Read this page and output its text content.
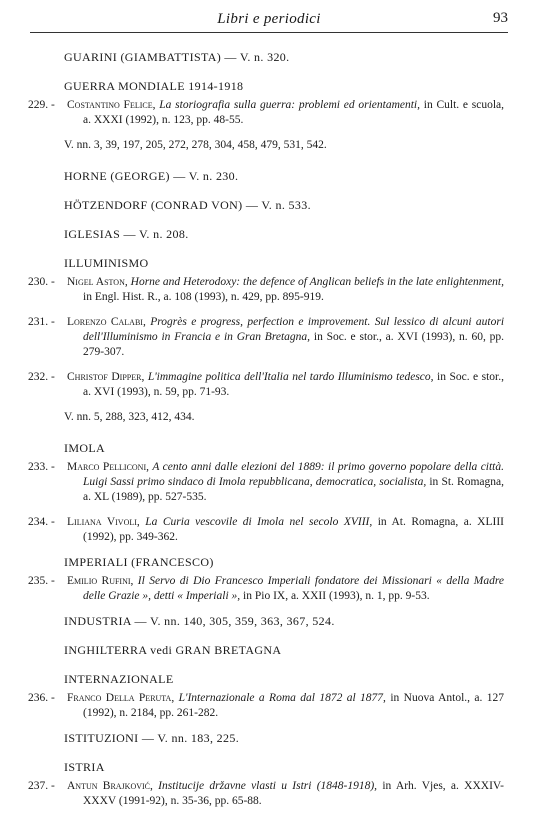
Libri e periodici	93
GUARINI (GIAMBATTISTA) — V. n. 320.
GUERRA MONDIALE 1914-1918
229. - Costantino Felice, La storiografia sulla guerra: problemi ed orientamenti, in Cult. e scuola, a. XXXI (1992), n. 123, pp. 48-55.
V. nn. 3, 39, 197, 205, 272, 278, 304, 458, 479, 531, 542.
HORNE (GEORGE) — V. n. 230.
HÖTZENDORF (CONRAD VON) — V. n. 533.
IGLESIAS — V. n. 208.
ILLUMINISMO
230. - Nigel Aston, Horne and Heterodoxy: the defence of Anglican beliefs in the late enlightenment, in Engl. Hist. R., a. 108 (1993), n. 429, pp. 895-919.
231. - Lorenzo Calabi, Progrès e progress, perfection e improvement. Sul lessico di alcuni autori dell'Illuminismo in Francia e in Gran Bretagna, in Soc. e stor., a. XVI (1993), n. 60, pp. 279-307.
232. - Christof Dipper, L'immagine politica dell'Italia nel tardo Illuminismo tedesco, in Soc. e stor., a. XVI (1993), n. 59, pp. 71-93.
V. nn. 5, 288, 323, 412, 434.
IMOLA
233. - Marco Pelliconi, A cento anni dalle elezioni del 1889: il primo governo popolare della città. Luigi Sassi primo sindaco di Imola repubblicana, democratica, socialista, in St. Romagna, a. XL (1989), pp. 527-535.
234. - Liliana Vivoli, La Curia vescovile di Imola nel secolo XVIII, in At. Romagna, a. XLIII (1992), pp. 349-362.
IMPERIALI (FRANCESCO)
235. - Emilio Rufini, Il Servo di Dio Francesco Imperiali fondatore dei Missionari « della Madre delle Grazie », detti « Imperiali », in Pio IX, a. XXII (1993), n. 1, pp. 9-53.
INDUSTRIA — V. nn. 140, 305, 359, 363, 367, 524.
INGHILTERRA vedi GRAN BRETAGNA
INTERNAZIONALE
236. - Franco Della Peruta, L'Internazionale a Roma dal 1872 al 1877, in Nuova Antol., a. 127 (1992), n. 2184, pp. 261-282.
ISTITUZIONI — V. nn. 183, 225.
ISTRIA
237. - Antun Brajković, Institucije državne vlasti u Istri (1848-1918), in Arh. Vjes, a. XXXIV-XXXV (1991-92), n. 35-36, pp. 65-88.
